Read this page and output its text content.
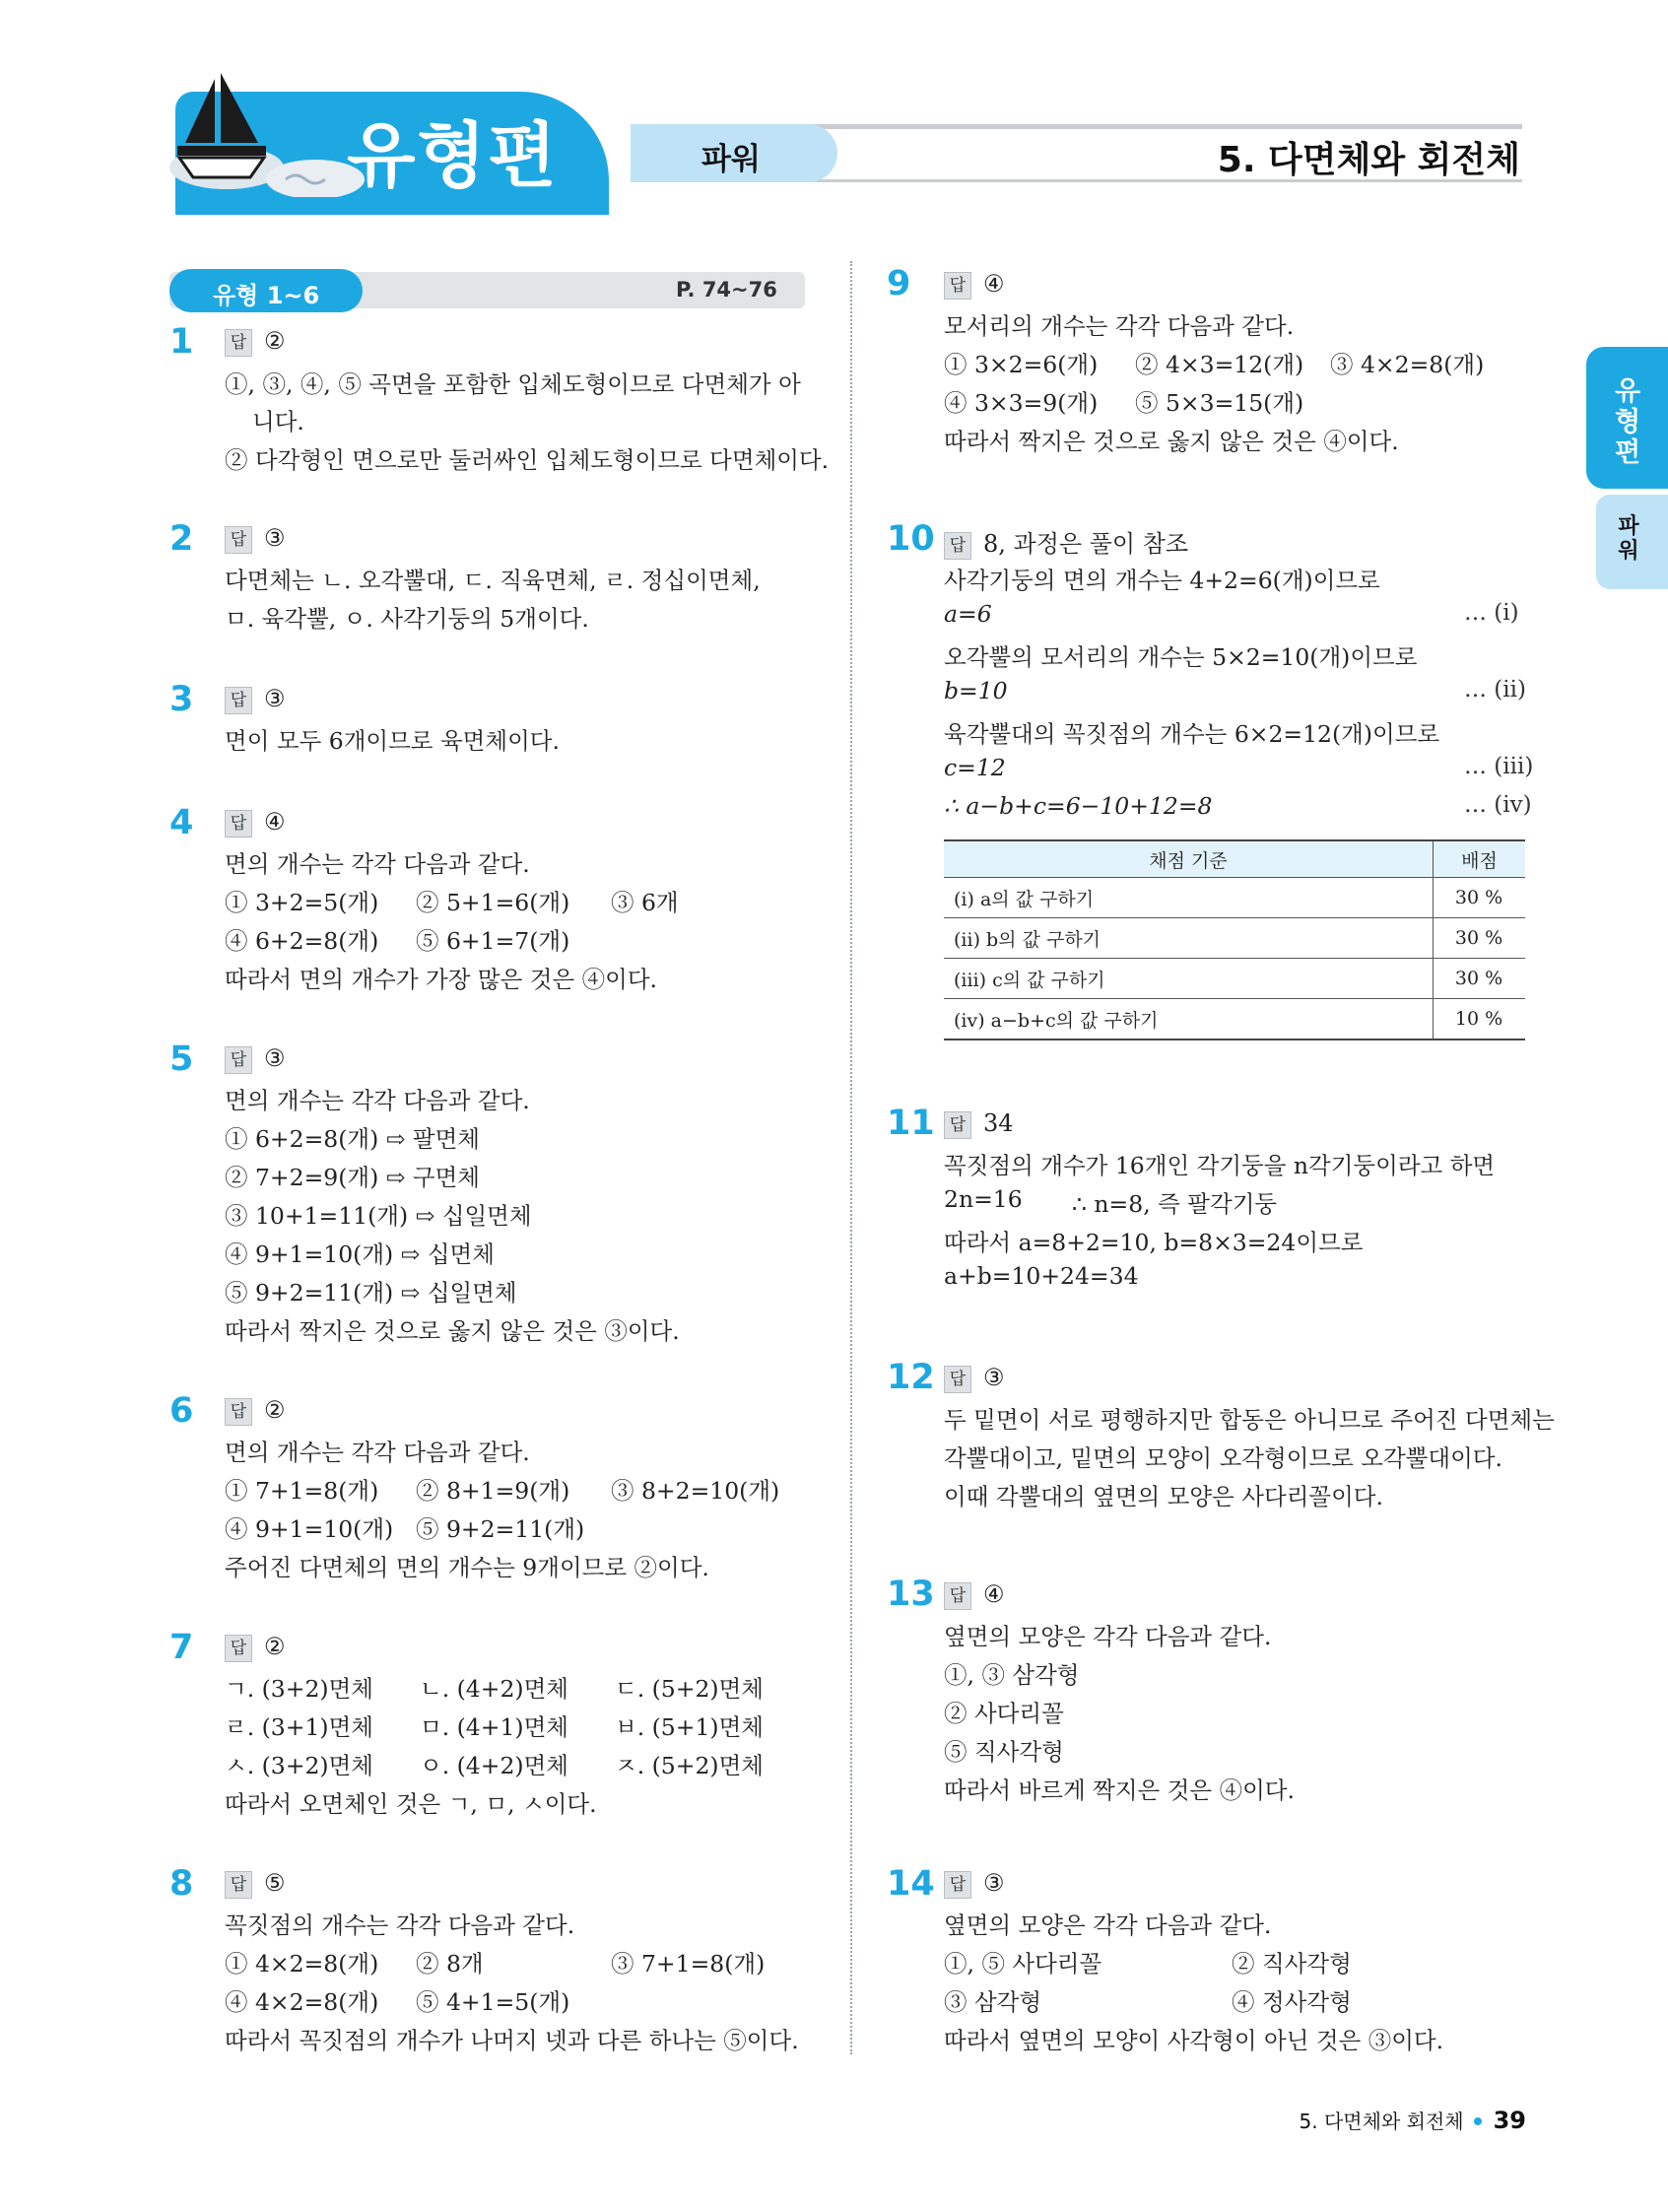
유형편	파워	5. 다면체와 회전체
유
형
편
파
워
유형 1~6	P. 74~76
1	답 ②
①, ③, ④, ⑤ 곡면을 포함한 입체도형이므로 다면체가 아
니다.
② 다각형인 면으로만 둘러싸인 입체도형이므로 다면체이다.
2	답 ③
다면체는 ㄴ. 오각뿔대, ㄷ. 직육면체, ㄹ. 정십이면체,
ㅁ. 육각뿔, ㅇ. 사각기둥의 5개이다.
3	답 ③
면이 모두 6개이므로 육면체이다.
4	답 ④
면의 개수는 각각 다음과 같다.
① 3+2=5(개) ② 5+1=6(개) ③ 6개
④ 6+2=8(개) ⑤ 6+1=7(개)
따라서 면의 개수가 가장 많은 것은 ④이다.
5	답 ③
면의 개수는 각각 다음과 같다.
① 6+2=8(개) ⇨ 팔면체
② 7+2=9(개) ⇨ 구면체
③ 10+1=11(개) ⇨ 십일면체
④ 9+1=10(개) ⇨ 십면체
⑤ 9+2=11(개) ⇨ 십일면체
따라서 짝지은 것으로 옳지 않은 것은 ③이다.
6	답 ②
면의 개수는 각각 다음과 같다.
① 7+1=8(개) ② 8+1=9(개) ③ 8+2=10(개)
④ 9+1=10(개) ⑤ 9+2=11(개)
주어진 다면체의 면의 개수는 9개이므로 ②이다.
7	답 ②
ㄱ. (3+2)면체 ㄴ. (4+2)면체 ㄷ. (5+2)면체
ㄹ. (3+1)면체 ㅁ. (4+1)면체 ㅂ. (5+1)면체
ㅅ. (3+2)면체 ㅇ. (4+2)면체 ㅈ. (5+2)면체
따라서 오면체인 것은 ㄱ, ㅁ, ㅅ이다.
8	답 ⑤
꼭짓점의 개수는 각각 다음과 같다.
① 4×2=8(개) ② 8개	③ 7+1=8(개)
④ 4×2=8(개) ⑤ 4+1=5(개)
따라서 꼭짓점의 개수가 나머지 넷과 다른 하나는 ⑤이다.
9	답 ④
모서리의 개수는 각각 다음과 같다.
① 3×2=6(개) ② 4×3=12(개) ③ 4×2=8(개)
④ 3×3=9(개) ⑤ 5×3=15(개)
따라서 짝지은 것으로 옳지 않은 것은 ④이다.
10 답 8, 과정은 풀이 참조
사각기둥의 면의 개수는 4+2=6(개)이므로
a=6	… (ⅰ)
오각뿔의 모서리의 개수는 5×2=10(개)이므로
b=10	… (ⅱ)
육각뿔대의 꼭짓점의 개수는 6×2=12(개)이므로
c=12	… (ⅲ)
∴ a−b+c=6−10+12=8	… (ⅳ)
채점 기준	배점
(ⅰ) a의 값 구하기	30 %
(ⅱ) b의 값 구하기	30 %
(ⅲ) c의 값 구하기	30 %
(ⅳ) a−b+c의 값 구하기	10 %
11 답 34
꼭짓점의 개수가 16개인 각기둥을 n각기둥이라고 하면
2n=16 ∴ n=8, 즉 팔각기둥
따라서 a=8+2=10, b=8×3=24이므로
a+b=10+24=34
12 답 ③
두 밑면이 서로 평행하지만 합동은 아니므로 주어진 다면체는
각뿔대이고, 밑면의 모양이 오각형이므로 오각뿔대이다.
이때 각뿔대의 옆면의 모양은 사다리꼴이다.
13 답 ④
옆면의 모양은 각각 다음과 같다.
①, ③ 삼각형
② 사다리꼴
⑤ 직사각형
따라서 바르게 짝지은 것은 ④이다.
14 답 ③
옆면의 모양은 각각 다음과 같다.
①, ⑤ 사다리꼴	② 직사각형
③ 삼각형	④ 정사각형
따라서 옆면의 모양이 사각형이 아닌 것은 ③이다.
5. 다면체와 회전체 39
